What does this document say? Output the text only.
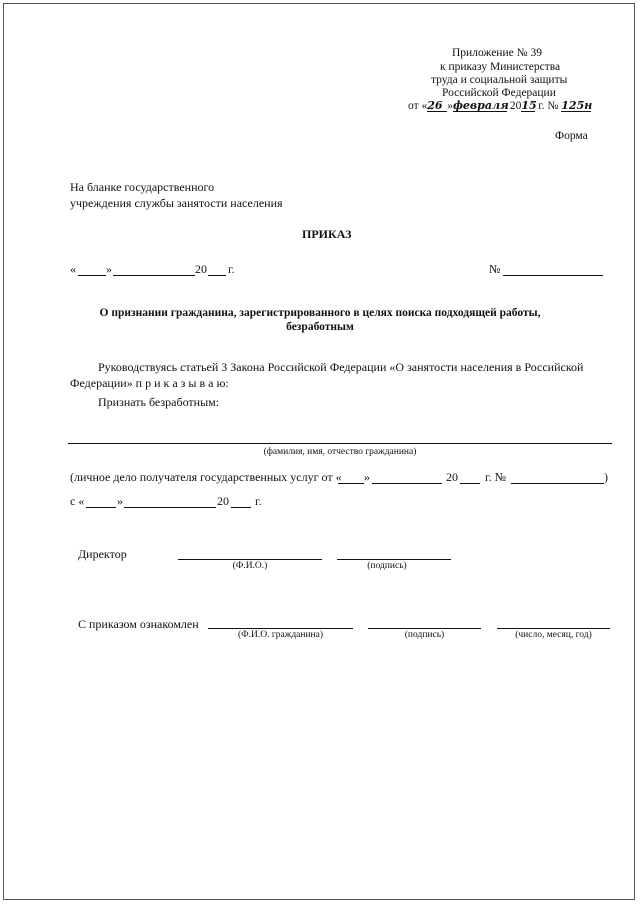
Приложение № 39
к приказу Министерства
труда и социальной защиты
Российской Федерации
от «26 »февраля
2015 г. № 125н
Форма
На бланке государственного
учреждения службы занятости населения
ПРИКАЗ
«	»	20 г.	№
О признании гражданина, зарегистрированного в целях поиска подходящей работы,
безработным
Руководствуясь статьей 3 Закона Российской Федерации «О занятости населения в Российской
Федерации» п р и к а з ы в а ю:
Признать безработным:
(фамилия, имя, отчество гражданина)
(личное дело получателя государственных услуг от « »	20 г. №	)
с «	»	20 г.
Директор
(Ф.И.О.)	(подпись)
С приказом ознакомлен
(Ф.И.О. гражданина)	(подпись)	(число, месяц, год)
